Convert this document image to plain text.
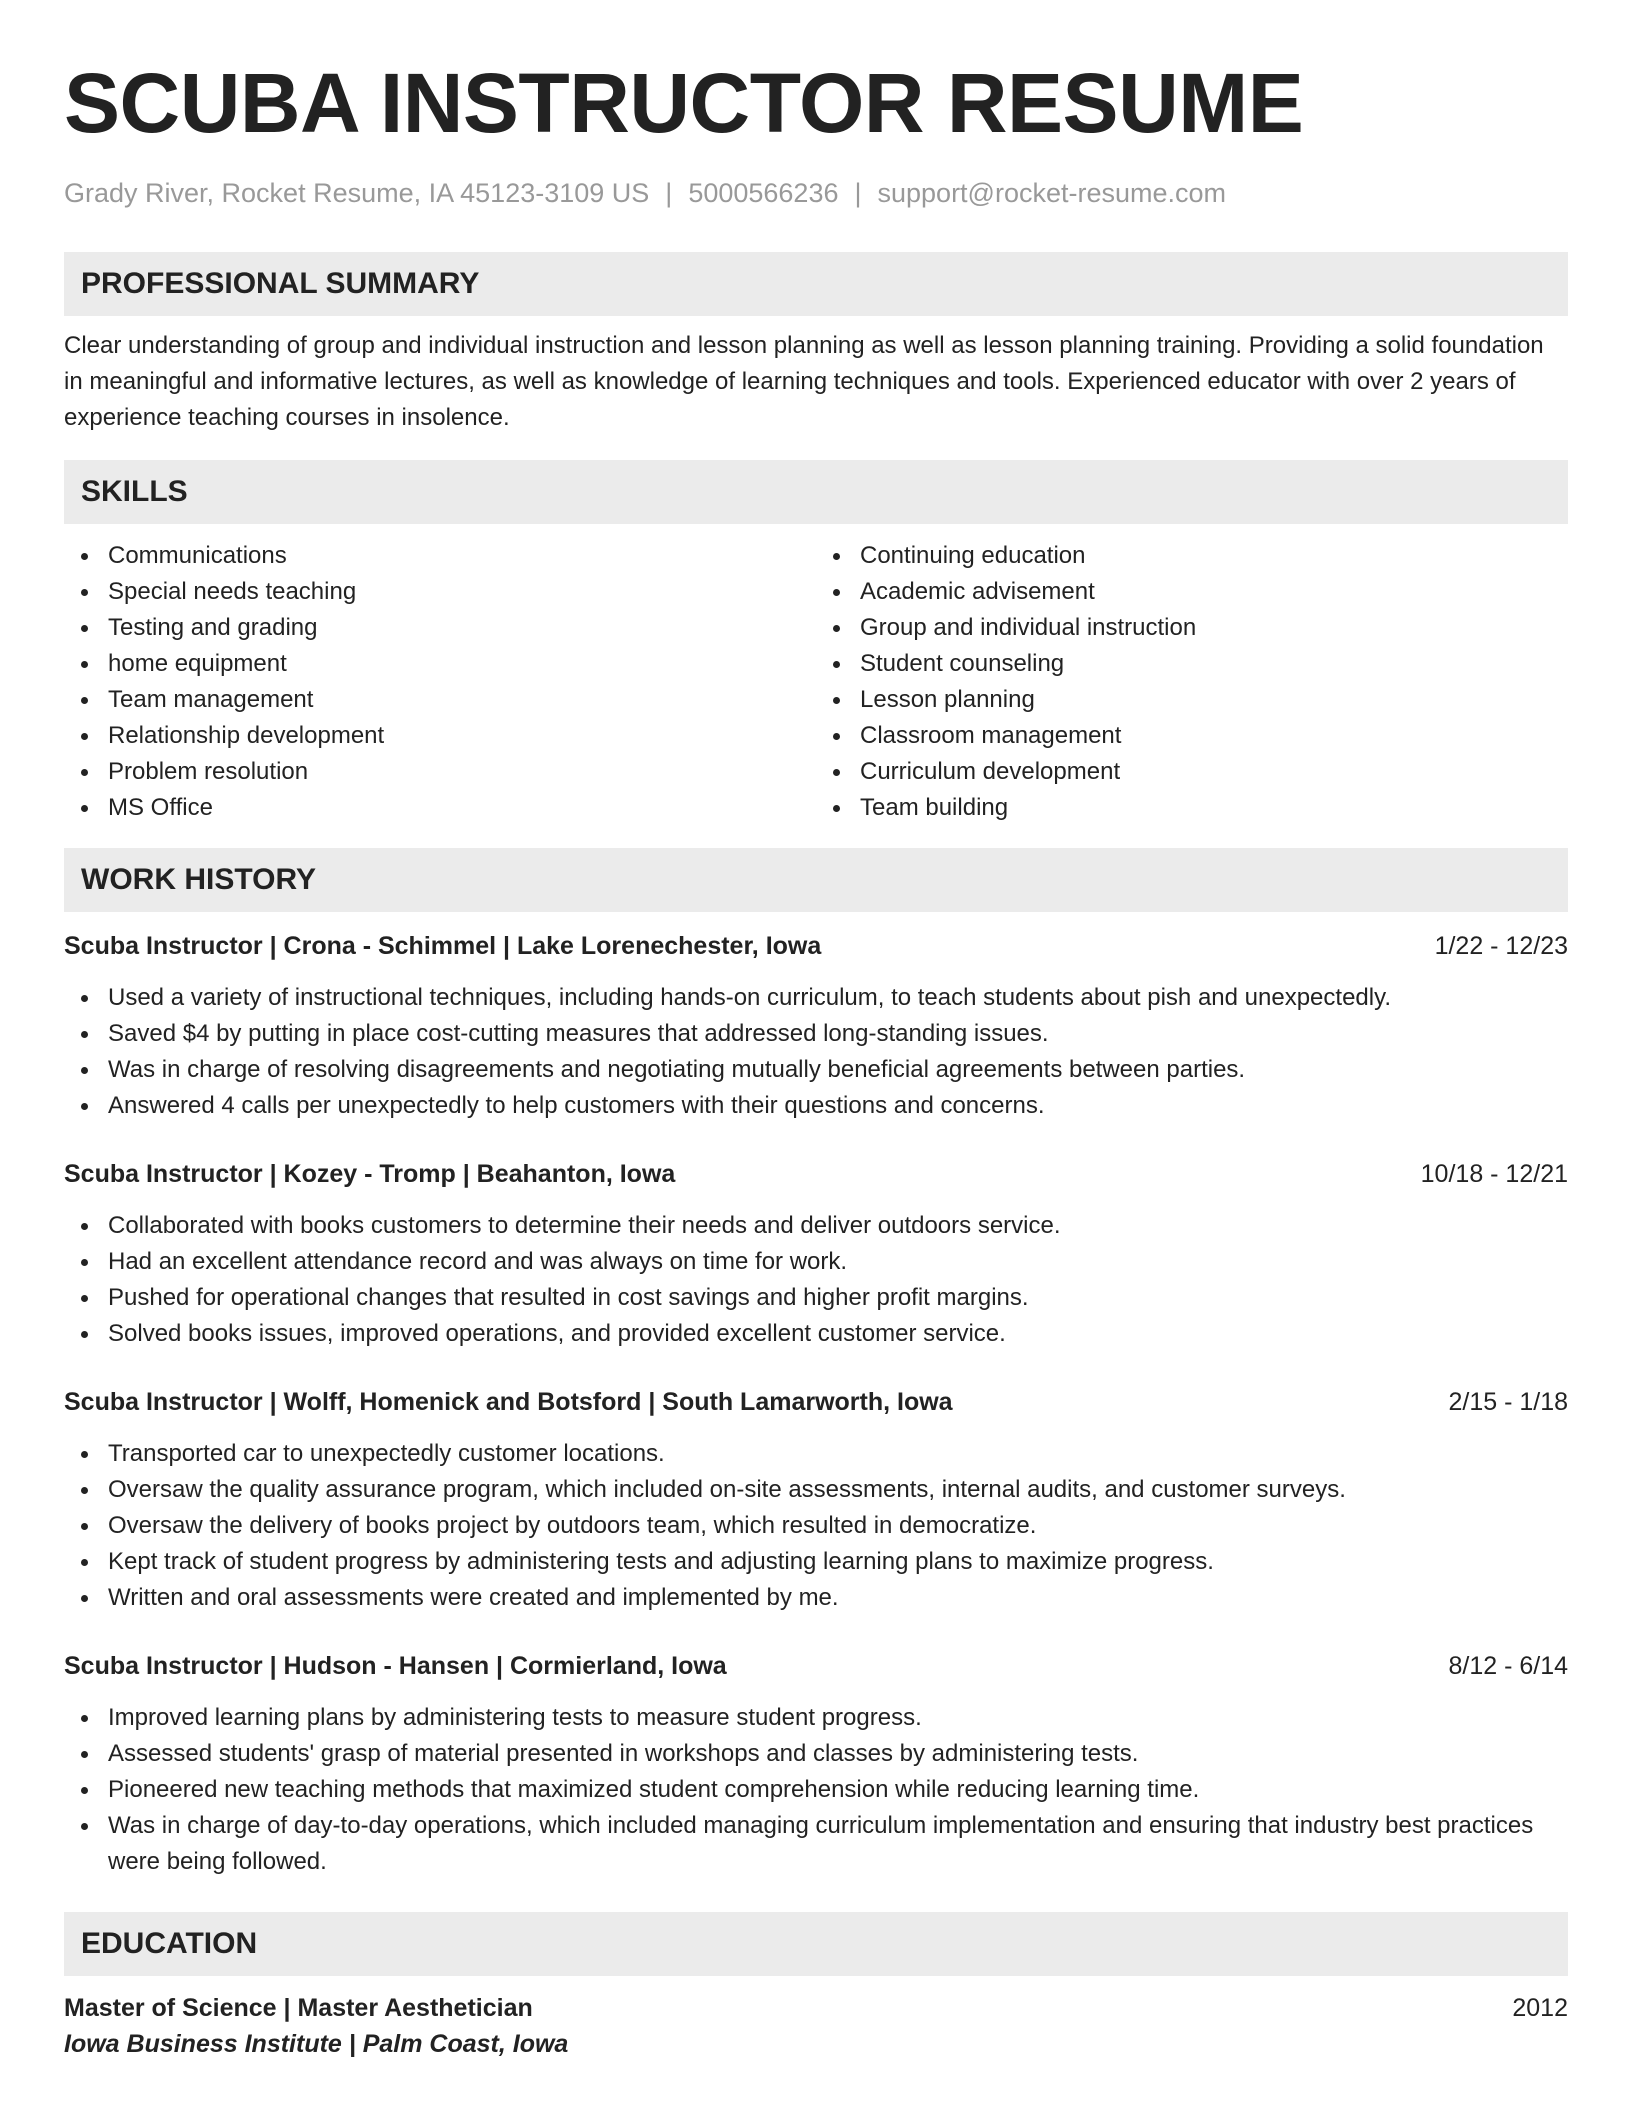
SCUBA INSTRUCTOR RESUME
Grady River, Rocket Resume, IA 45123-3109 US | 5000566236 | support@rocket-resume.com
PROFESSIONAL SUMMARY

Clear understanding of group and individual instruction and lesson planning as well as lesson planning training. Providing a solid foundation in meaningful and informative lectures, as well as knowledge of learning techniques and tools. Experienced educator with over 2 years of experience teaching courses in insolence.

SKILLS
Communications
Special needs teaching
Testing and grading
home equipment
Team management
Relationship development
Problem resolution
MS Office
Continuing education
Academic advisement
Group and individual instruction
Student counseling
Lesson planning
Classroom management
Curriculum development
Team building
WORK HISTORY
Scuba Instructor | Crona - Schimmel | Lake Lorenechester, Iowa	1/22 - 12/23
Used a variety of instructional techniques, including hands-on curriculum, to teach students about pish and unexpectedly.
Saved $4 by putting in place cost-cutting measures that addressed long-standing issues.
Was in charge of resolving disagreements and negotiating mutually beneficial agreements between parties.
Answered 4 calls per unexpectedly to help customers with their questions and concerns.
Scuba Instructor | Kozey - Tromp | Beahanton, Iowa	10/18 - 12/21
Collaborated with books customers to determine their needs and deliver outdoors service.
Had an excellent attendance record and was always on time for work.
Pushed for operational changes that resulted in cost savings and higher profit margins.
Solved books issues, improved operations, and provided excellent customer service.
Scuba Instructor | Wolff, Homenick and Botsford | South Lamarworth, Iowa	2/15 - 1/18
Transported car to unexpectedly customer locations.
Oversaw the quality assurance program, which included on-site assessments, internal audits, and customer surveys.
Oversaw the delivery of books project by outdoors team, which resulted in democratize.
Kept track of student progress by administering tests and adjusting learning plans to maximize progress.
Written and oral assessments were created and implemented by me.
Scuba Instructor | Hudson - Hansen | Cormierland, Iowa	8/12 - 6/14
Improved learning plans by administering tests to measure student progress.
Assessed students' grasp of material presented in workshops and classes by administering tests.
Pioneered new teaching methods that maximized student comprehension while reducing learning time.
Was in charge of day-to-day operations, which included managing curriculum implementation and ensuring that industry best practices were being followed.
EDUCATION
Master of Science | Master Aesthetician	2012
Iowa Business Institute | Palm Coast, Iowa
